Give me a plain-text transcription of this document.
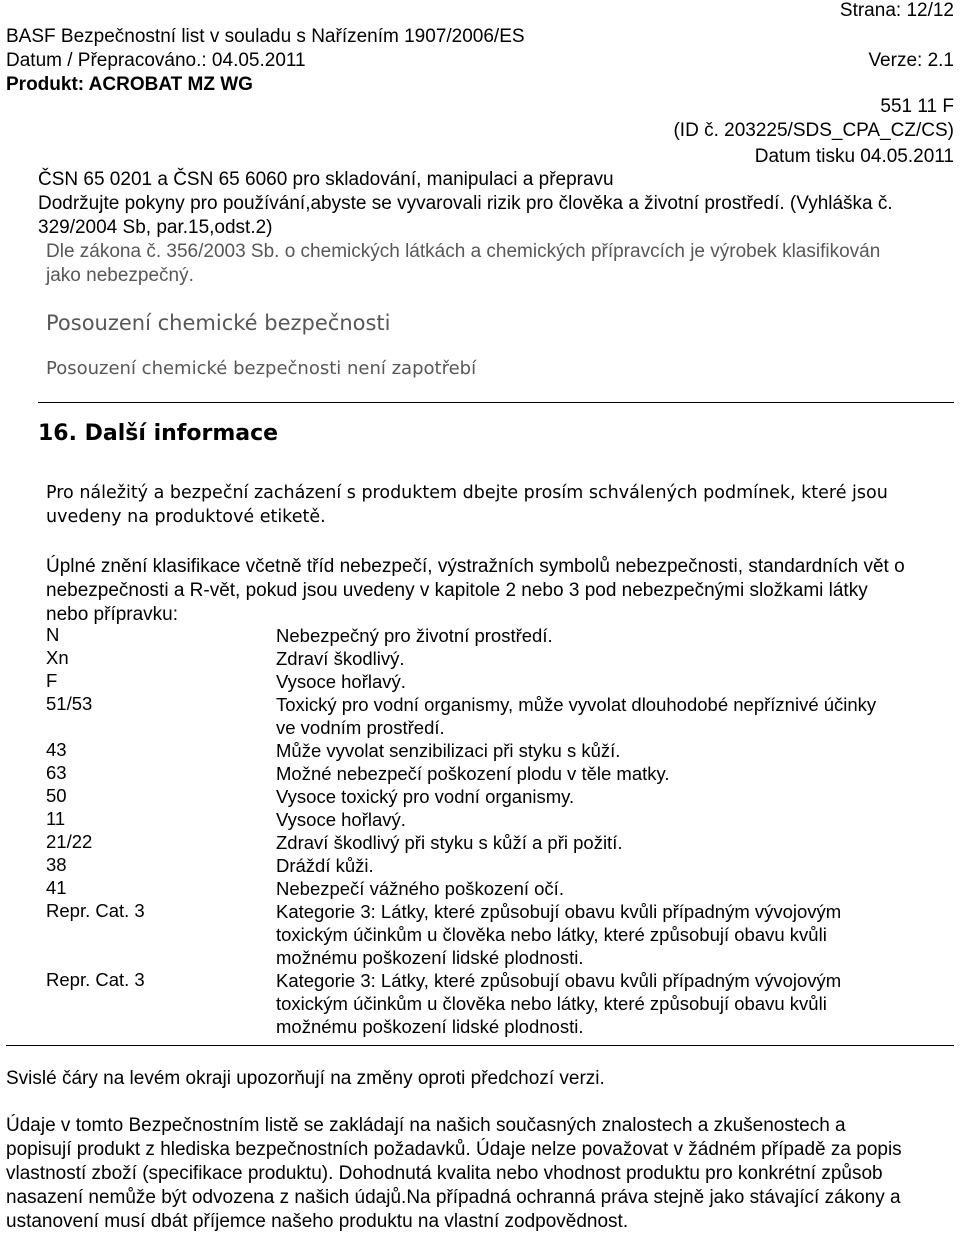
Strana: 12/12
BASF Bezpečnostní list v souladu s Nařízením 1907/2006/ES
Datum / Přepracováno.: 04.05.2011	Verze: 2.1
Produkt: ACROBAT MZ WG
551 11 F
(ID č. 203225/SDS_CPA_CZ/CS)
Datum tisku 04.05.2011
ČSN 65 0201 a ČSN 65 6060 pro skladování, manipulaci a přepravu
Dodržujte pokyny pro používání,abyste se vyvarovali rizik pro člověka a životní prostředí. (Vyhláška č.
329/2004 Sb, par.15,odst.2)
Dle zákona č. 356/2003 Sb. o chemických látkách a chemických přípravcích je výrobek klasifikován
jako nebezpečný.
Posouzení chemické bezpečnosti
Posouzení chemické bezpečnosti není zapotřebí
16. Další informace
Pro náležitý a bezpeční zacházení s produktem dbejte prosím schválených podmínek, které jsou
uvedeny na produktové etiketě.
Úplné znění klasifikace včetně tříd nebezpečí, výstražních symbolů nebezpečnosti, standardních vět o
nebezpečnosti a R-vět, pokud jsou uvedeny v kapitole 2 nebo 3 pod nebezpečnými složkami látky
nebo přípravku:
N	Nebezpečný pro životní prostředí.
Xn	Zdraví škodlivý.
F	Vysoce hořlavý.
51/53	Toxický pro vodní organismy, může vyvolat dlouhodobé nepříznivé účinky
ve vodním prostředí.
43	Může vyvolat senzibilizaci při styku s kůží.
63	Možné nebezpečí poškození plodu v těle matky.
50	Vysoce toxický pro vodní organismy.
11	Vysoce hořlavý.
21/22	Zdraví škodlivý při styku s kůží a při požití.
38	Dráždí kůži.
41	Nebezpečí vážného poškození očí.
Repr. Cat. 3	Kategorie 3: Látky, které způsobují obavu kvůli případným vývojovým
toxickým účinkům u člověka nebo látky, které způsobují obavu kvůli
možnému poškození lidské plodnosti.
Repr. Cat. 3	Kategorie 3: Látky, které způsobují obavu kvůli případným vývojovým
toxickým účinkům u člověka nebo látky, které způsobují obavu kvůli
možnému poškození lidské plodnosti.
Svislé čáry na levém okraji upozorňují na změny oproti předchozí verzi.
Údaje v tomto Bezpečnostním listě se zakládají na našich současných znalostech a zkušenostech a
popisují produkt z hlediska bezpečnostních požadavků. Údaje nelze považovat v žádném případě za popis
vlastností zboží (specifikace produktu). Dohodnutá kvalita nebo vhodnost produktu pro konkrétní způsob
nasazení nemůže být odvozena z našich údajů.Na případná ochranná práva stejně jako stávající zákony a
ustanovení musí dbát příjemce našeho produktu na vlastní zodpovědnost.
